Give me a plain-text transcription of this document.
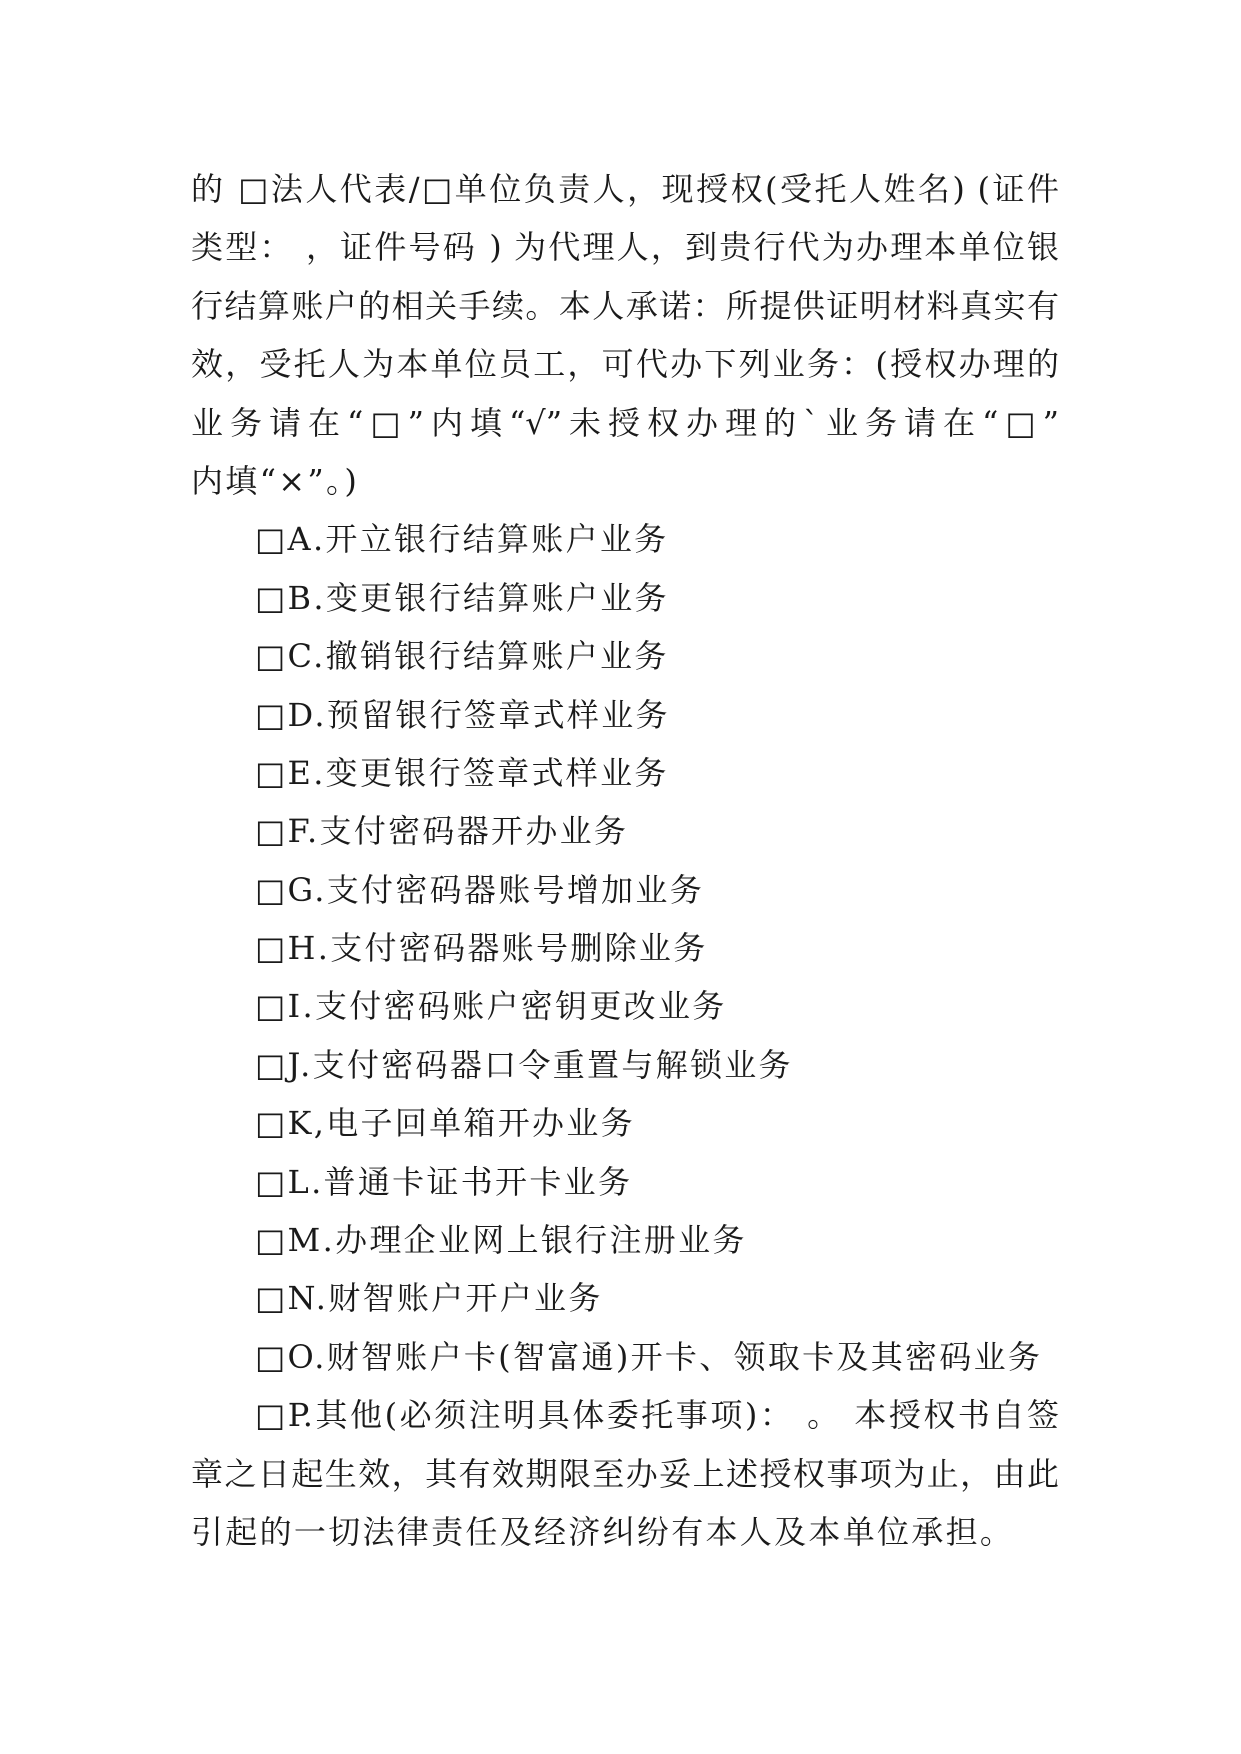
的 □法人代表/□单位负责人，现授权(受托人姓名) (证件
类型： ，证件号码 ) 为代理人，到贵行代为办理本单位银
行结算账户的相关手续。本人承诺：所提供证明材料真实有
效，受托人为本单位员工，可代办下列业务：(授权办理的
业务请在“□”内填“√”未授权办理的`业务请在“□”
内填“×”。)
□A.开立银行结算账户业务
□B.变更银行结算账户业务
□C.撤销银行结算账户业务
□D.预留银行签章式样业务
□E.变更银行签章式样业务
□F.支付密码器开办业务
□G.支付密码器账号增加业务
□H.支付密码器账号删除业务
□I.支付密码账户密钥更改业务
□J.支付密码器口令重置与解锁业务
□K,电子回单箱开办业务
□L.普通卡证书开卡业务
□M.办理企业网上银行注册业务
□N.财智账户开户业务
□O.财智账户卡(智富通)开卡、领取卡及其密码业务
□P.其他(必须注明具体委托事项)： 。 本授权书自签
章之日起生效，其有效期限至办妥上述授权事项为止，由此
引起的一切法律责任及经济纠纷有本人及本单位承担。
